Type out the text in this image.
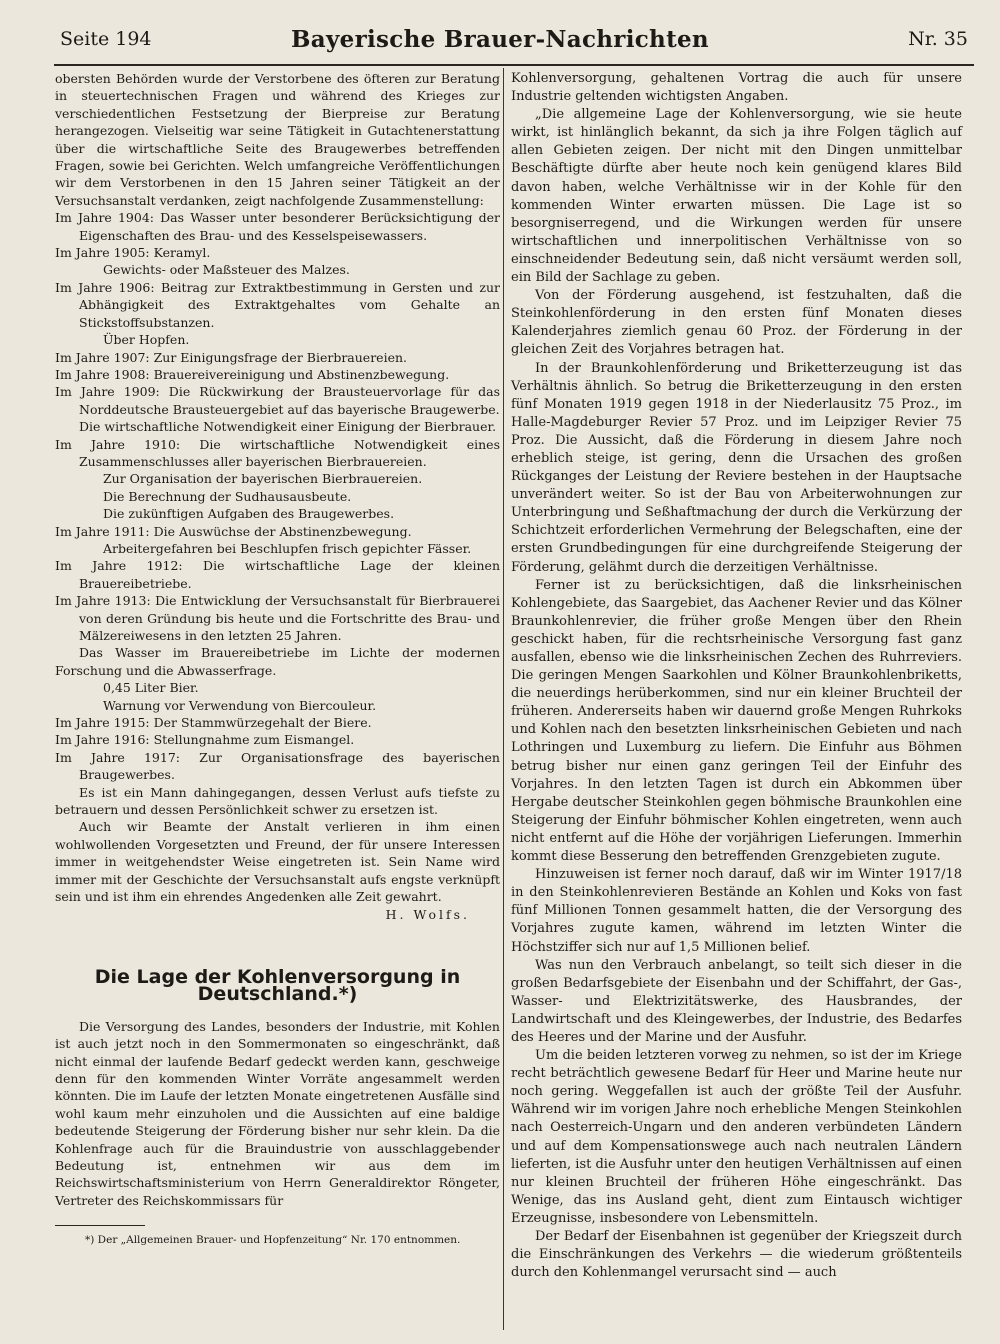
Seite 194	Bayerische Brauer-Nachrichten	Nr. 35

obersten Behörden wurde der Verstorbene des öfteren zur Beratung in steuertechnischen Fragen und während des Krieges zur verschiedentlichen Festsetzung der Bierpreise zur Beratung herangezogen. Vielseitig war seine Tätigkeit in Gutachtenerstattung über die wirtschaftliche Seite des Braugewerbes betreffenden Fragen, sowie bei Gerichten. Welch umfangreiche Veröffentlichungen wir dem Verstorbenen in den 15 Jahren seiner Tätigkeit an der Versuchsanstalt verdanken, zeigt nachfolgende Zusammenstellung:

Im Jahre 1904: Das Wasser unter besonderer Berücksichtigung der Eigenschaften des Brau- und des Kesselspeisewassers.

Im Jahre 1905: Keramyl.

Gewichts- oder Maßsteuer des Malzes.

Im Jahre 1906: Beitrag zur Extraktbestimmung in Gersten und zur Abhängigkeit des Extraktgehaltes vom Gehalte an Stickstoffsubstanzen.

Über Hopfen.

Im Jahre 1907: Zur Einigungsfrage der Bierbrauereien.

Im Jahre 1908: Brauereivereinigung und Abstinenzbewegung.

Im Jahre 1909: Die Rückwirkung der Brausteuervorlage für das Norddeutsche Brausteuergebiet auf das bayerische Braugewerbe.

Die wirtschaftliche Notwendigkeit einer Einigung der Bierbrauer.

Im Jahre 1910: Die wirtschaftliche Notwendigkeit eines Zusammenschlusses aller bayerischen Bierbrauereien.

Zur Organisation der bayerischen Bierbrauereien.

Die Berechnung der Sudhausausbeute.

Die zukünftigen Aufgaben des Braugewerbes.

Im Jahre 1911: Die Auswüchse der Abstinenzbewegung.

Arbeitergefahren bei Beschlupfen frisch gepichter Fässer.

Im Jahre 1912: Die wirtschaftliche Lage der kleinen Brauereibetriebe.

Im Jahre 1913: Die Entwicklung der Versuchsanstalt für Bierbrauerei von deren Gründung bis heute und die Fortschritte des Brau- und Mälzereiwesens in den letzten 25 Jahren.

Das Wasser im Brauereibetriebe im Lichte der modernen Forschung und die Abwasserfrage.

0,45 Liter Bier.

Warnung vor Verwendung von Biercouleur.

Im Jahre 1915: Der Stammwürzegehalt der Biere.

Im Jahre 1916: Stellungnahme zum Eismangel.

Im Jahre 1917: Zur Organisationsfrage des bayerischen Braugewerbes.

Es ist ein Mann dahingegangen, dessen Verlust aufs tiefste zu betrauern und dessen Persönlichkeit schwer zu ersetzen ist.

Auch wir Beamte der Anstalt verlieren in ihm einen wohlwollenden Vorgesetzten und Freund, der für unsere Interessen immer in weitgehendster Weise eingetreten ist. Sein Name wird immer mit der Geschichte der Versuchsanstalt aufs engste verknüpft sein und ist ihm ein ehrendes Angedenken alle Zeit gewahrt.

H. Wolfs.

Die Lage der Kohlenversorgung in Deutschland.*)

Die Versorgung des Landes, besonders der Industrie, mit Kohlen ist auch jetzt noch in den Sommermonaten so eingeschränkt, daß nicht einmal der laufende Bedarf gedeckt werden kann, geschweige denn für den kommenden Winter Vorräte angesammelt werden könnten. Die im Laufe der letzten Monate eingetretenen Ausfälle sind wohl kaum mehr einzuholen und die Aussichten auf eine baldige bedeutende Steigerung der Förderung bisher nur sehr klein. Da die Kohlenfrage auch für die Brauindustrie von ausschlaggebender Bedeutung ist, entnehmen wir aus dem im Reichswirtschaftsministerium von Herrn Generaldirektor Röngeter, Vertreter des Reichskommissars für

*) Der „Allgemeinen Brauer- und Hopfenzeitung“ Nr. 170 entnommen.

Kohlenversorgung, gehaltenen Vortrag die auch für unsere Industrie geltenden wichtigsten Angaben.

„Die allgemeine Lage der Kohlenversorgung, wie sie heute wirkt, ist hinlänglich bekannt, da sich ja ihre Folgen täglich auf allen Gebieten zeigen. Der nicht mit den Dingen unmittelbar Beschäftigte dürfte aber heute noch kein genügend klares Bild davon haben, welche Verhältnisse wir in der Kohle für den kommenden Winter erwarten müssen. Die Lage ist so besorgniserregend, und die Wirkungen werden für unsere wirtschaftlichen und innerpolitischen Verhältnisse von so einschneidender Bedeutung sein, daß nicht versäumt werden soll, ein Bild der Sachlage zu geben.

Von der Förderung ausgehend, ist festzuhalten, daß die Steinkohlenförderung in den ersten fünf Monaten dieses Kalenderjahres ziemlich genau 60 Proz. der Förderung in der gleichen Zeit des Vorjahres betragen hat.

In der Braunkohlenförderung und Briketterzeugung ist das Verhältnis ähnlich. So betrug die Briketterzeugung in den ersten fünf Monaten 1919 gegen 1918 in der Niederlausitz 75 Proz., im Halle-Magdeburger Revier 57 Proz. und im Leipziger Revier 75 Proz. Die Aussicht, daß die Förderung in diesem Jahre noch erheblich steige, ist gering, denn die Ursachen des großen Rückganges der Leistung der Reviere bestehen in der Hauptsache unverändert weiter. So ist der Bau von Arbeiterwohnungen zur Unterbringung und Seßhaftmachung der durch die Verkürzung der Schichtzeit erforderlichen Vermehrung der Belegschaften, eine der ersten Grundbedingungen für eine durchgreifende Steigerung der Förderung, gelähmt durch die derzeitigen Verhältnisse.

Ferner ist zu berücksichtigen, daß die linksrheinischen Kohlengebiete, das Saargebiet, das Aachener Revier und das Kölner Braunkohlenrevier, die früher große Mengen über den Rhein geschickt haben, für die rechtsrheinische Versorgung fast ganz ausfallen, ebenso wie die linksrheinischen Zechen des Ruhrreviers. Die geringen Mengen Saarkohlen und Kölner Braunkohlenbriketts, die neuerdings herüberkommen, sind nur ein kleiner Bruchteil der früheren. Andererseits haben wir dauernd große Mengen Ruhrkoks und Kohlen nach den besetzten linksrheinischen Gebieten und nach Lothringen und Luxemburg zu liefern. Die Einfuhr aus Böhmen betrug bisher nur einen ganz geringen Teil der Einfuhr des Vorjahres. In den letzten Tagen ist durch ein Abkommen über Hergabe deutscher Steinkohlen gegen böhmische Braunkohlen eine Steigerung der Einfuhr böhmischer Kohlen eingetreten, wenn auch nicht entfernt auf die Höhe der vorjährigen Lieferungen. Immerhin kommt diese Besserung den betreffenden Grenzgebieten zugute.

Hinzuweisen ist ferner noch darauf, daß wir im Winter 1917/18 in den Steinkohlenrevieren Bestände an Kohlen und Koks von fast fünf Millionen Tonnen gesammelt hatten, die der Versorgung des Vorjahres zugute kamen, während im letzten Winter die Höchstziffer sich nur auf 1,5 Millionen belief.

Was nun den Verbrauch anbelangt, so teilt sich dieser in die großen Bedarfsgebiete der Eisenbahn und der Schiffahrt, der Gas-, Wasser- und Elektrizitätswerke, des Hausbrandes, der Landwirtschaft und des Kleingewerbes, der Industrie, des Bedarfes des Heeres und der Marine und der Ausfuhr.

Um die beiden letzteren vorweg zu nehmen, so ist der im Kriege recht beträchtlich gewesene Bedarf für Heer und Marine heute nur noch gering. Weggefallen ist auch der größte Teil der Ausfuhr. Während wir im vorigen Jahre noch erhebliche Mengen Steinkohlen nach Oesterreich-Ungarn und den anderen verbündeten Ländern und auf dem Kompensationswege auch nach neutralen Ländern lieferten, ist die Ausfuhr unter den heutigen Verhältnissen auf einen nur kleinen Bruchteil der früheren Höhe eingeschränkt. Das Wenige, das ins Ausland geht, dient zum Eintausch wichtiger Erzeugnisse, insbesondere von Lebensmitteln.

Der Bedarf der Eisenbahnen ist gegenüber der Kriegszeit durch die Einschränkungen des Verkehrs — die wiederum größtenteils durch den Kohlenmangel verursacht sind — auch
